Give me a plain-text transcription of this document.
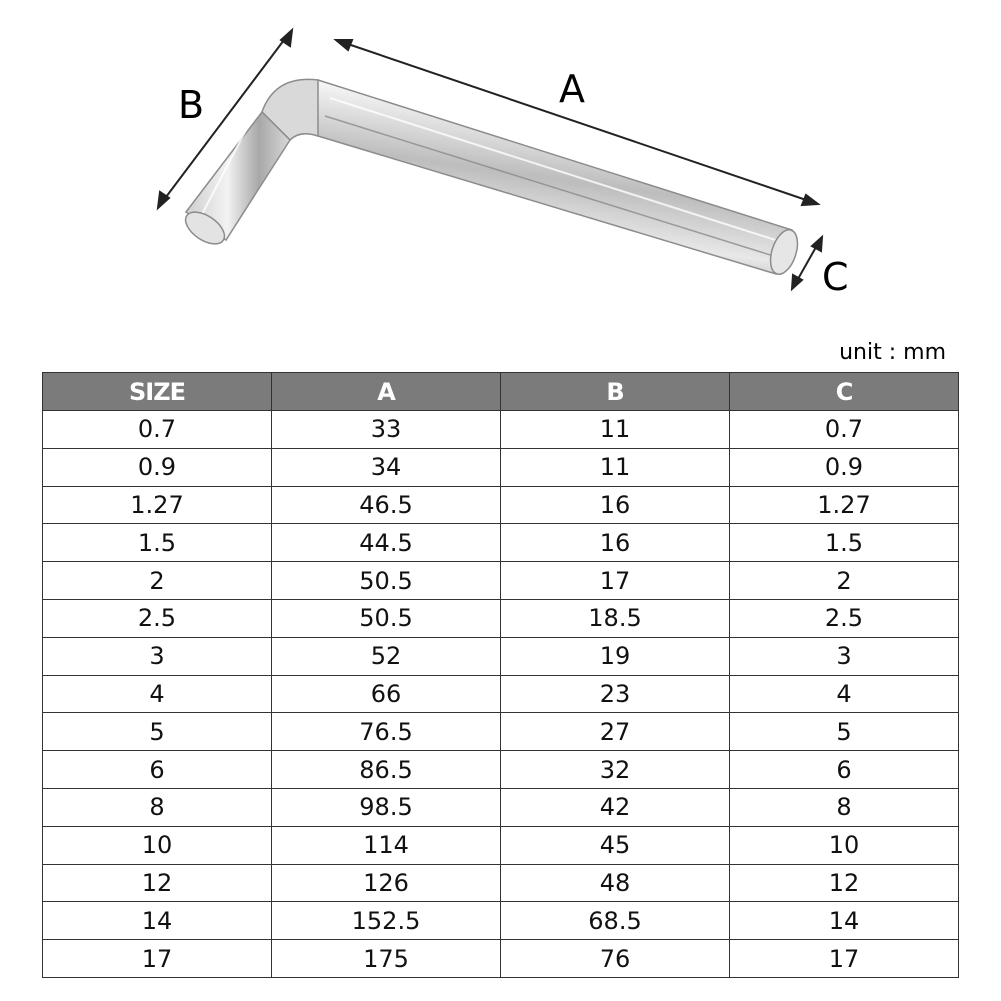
A
B
C
unit : mm
SIZE	A	B	C
0.7	33	11	0.7
0.9	34	11	0.9
1.27	46.5	16	1.27
1.5	44.5	16	1.5
2	50.5	17	2
2.5	50.5	18.5	2.5
3	52	19	3
4	66	23	4
5	76.5	27	5
6	86.5	32	6
8	98.5	42	8
10	114	45	10
12	126	48	12
14	152.5	68.5	14
17	175	76	17
